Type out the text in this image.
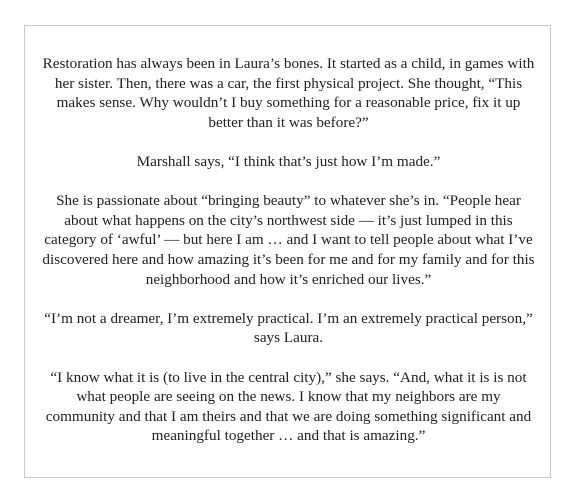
Restoration has always been in Laura’s bones. It started as a child, in games with her sister. Then, there was a car, the first physical project. She thought, “This makes sense. Why wouldn’t I buy something for a reasonable price, fix it up better than it was before?”

Marshall says, “I think that’s just how I’m made.”

She is passionate about “bringing beauty” to whatever she’s in. “People hear about what happens on the city’s northwest side — it’s just lumped in this category of ‘awful’ — but here I am … and I want to tell people about what I’ve discovered here and how amazing it’s been for me and for my family and for this neighborhood and how it’s enriched our lives.”

“I’m not a dreamer, I’m extremely practical. I’m an extremely practical person,” says Laura.

“I know what it is (to live in the central city),” she says. “And, what it is is not what people are seeing on the news. I know that my neighbors are my community and that I am theirs and that we are doing something significant and meaningful together … and that is amazing.”
